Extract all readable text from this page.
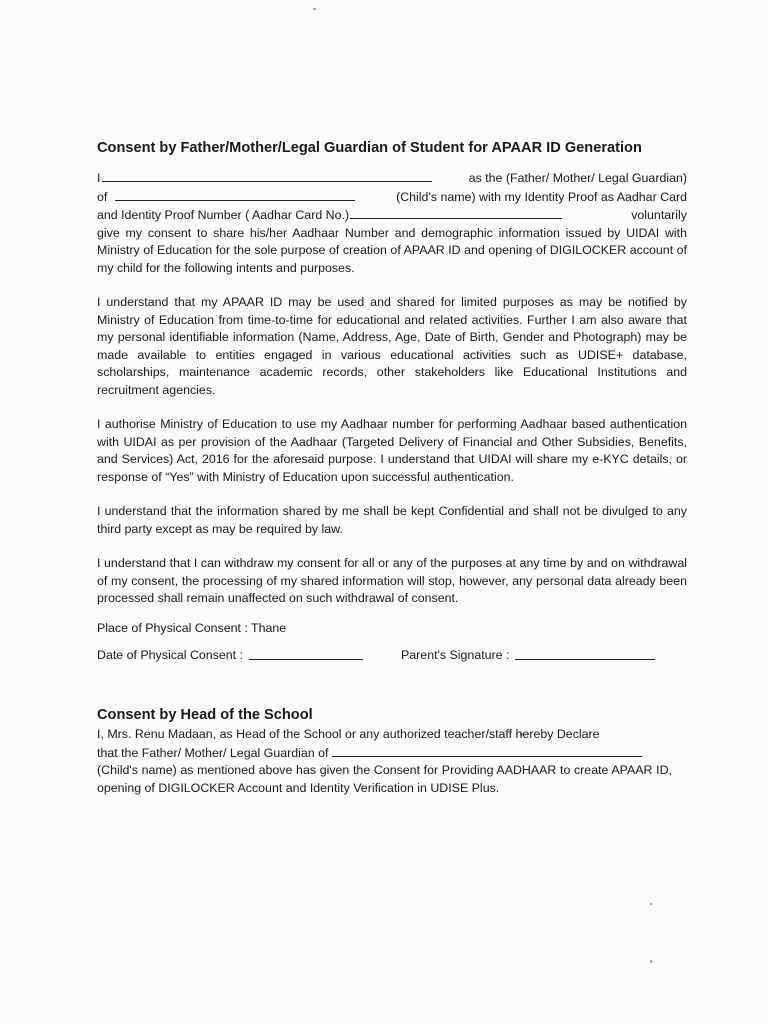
Consent by Father/Mother/Legal Guardian of Student for APAAR ID Generation
I	as the (Father/ Mother/ Legal Guardian)
of	(Child's name) with my Identity Proof as Aadhar Card
and Identity Proof Number ( Aadhar Card No.)	voluntarily
give my consent to share his/her Aadhaar Number and demographic information issued by UIDAI with Ministry of Education for the sole purpose of creation of APAAR ID and opening of DIGILOCKER account of my child for the following intents and purposes.
I understand that my APAAR ID may be used and shared for limited purposes as may be notified by Ministry of Education from time-to-time for educational and related activities. Further I am also aware that my personal identifiable information (Name, Address, Age, Date of Birth, Gender and Photograph) may be made available to entities engaged in various educational activities such as UDISE+ database, scholarships, maintenance academic records, other stakeholders like Educational Institutions and recruitment agencies.
I authorise Ministry of Education to use my Aadhaar number for performing Aadhaar based authentication with UIDAI as per provision of the Aadhaar (Targeted Delivery of Financial and Other Subsidies, Benefits, and Services) Act, 2016 for the aforesaid purpose. I understand that UIDAI will share my e-KYC details, or response of “Yes” with Ministry of Education upon successful authentication.
I understand that the information shared by me shall be kept Confidential and shall not be divulged to any third party except as may be required by law.
I understand that I can withdraw my consent for all or any of the purposes at any time by and on withdrawal of my consent, the processing of my shared information will stop, however, any personal data already been processed shall remain unaffected on such withdrawal of consent.
Place of Physical Consent : Thane
Date of Physical Consent :	Parent's Signature :
Consent by Head of the School
I, Mrs. Renu Madaan, as Head of the School or any authorized teacher/staff hereby Declare
that the Father/ Mother/ Legal Guardian of
(Child's name) as mentioned above has given the Consent for Providing AADHAAR to create APAAR ID, opening of DIGILOCKER Account and Identity Verification in UDISE Plus.
